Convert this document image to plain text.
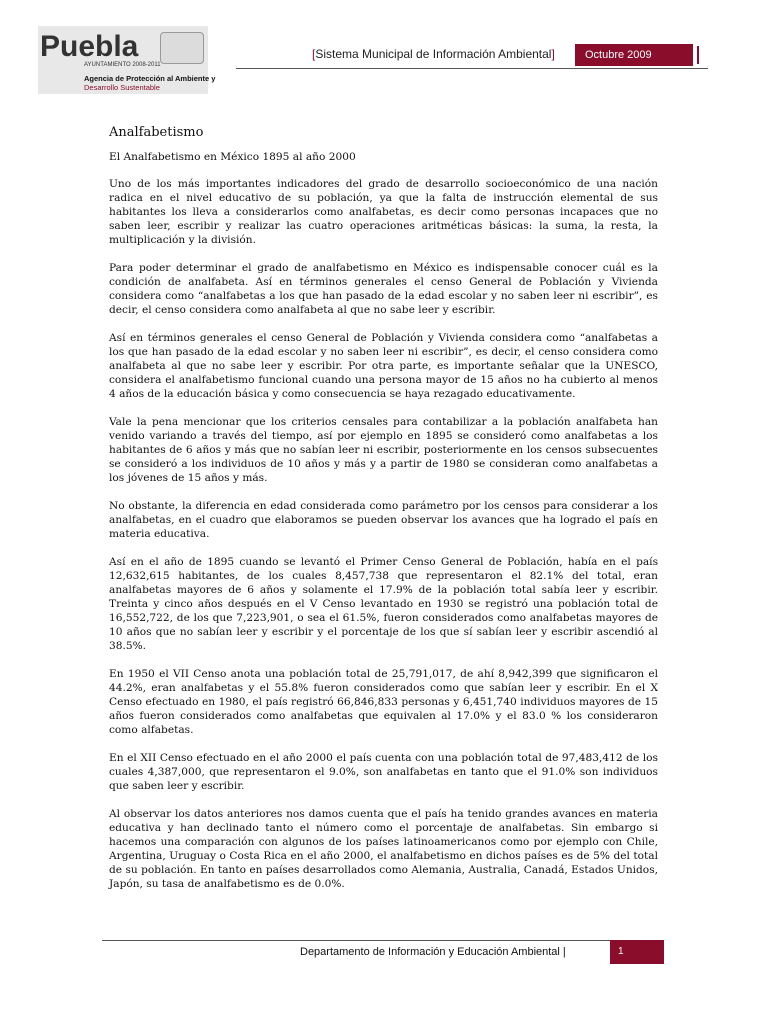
Puebla
AYUNTAMIENTO 2008-2011
Agencia de Protección al Ambiente y
Desarrollo Sustentable
[Sistema Municipal de Información Ambiental]	Octubre 2009
Analfabetismo
El Analfabetismo en México 1895 al año 2000

Uno de los más importantes indicadores del grado de desarrollo socioeconómico de una nación radica en el nivel educativo de su población, ya que la falta de instrucción elemental de sus habitantes los lleva a considerarlos como analfabetas, es decir como personas incapaces que no saben leer, escribir y realizar las cuatro operaciones aritméticas básicas: la suma, la resta, la multiplicación y la división.

Para poder determinar el grado de analfabetismo en México es indispensable conocer cuál es la condición de analfabeta. Así en términos generales el censo General de Población y Vivienda considera como “analfabetas a los que han pasado de la edad escolar y no saben leer ni escribir”, es decir, el censo considera como analfabeta al que no sabe leer y escribir.

Así en términos generales el censo General de Población y Vivienda considera como “analfabetas a los que han pasado de la edad escolar y no saben leer ni escribir”, es decir, el censo considera como analfabeta al que no sabe leer y escribir. Por otra parte, es importante señalar que la UNESCO, considera el analfabetismo funcional cuando una persona mayor de 15 años no ha cubierto al menos 4 años de la educación básica y como consecuencia se haya rezagado educativamente.

Vale la pena mencionar que los criterios censales para contabilizar a la población analfabeta han venido variando a través del tiempo, así por ejemplo en 1895 se consideró como analfabetas a los habitantes de 6 años y más que no sabían leer ni escribir, posteriormente en los censos subsecuentes se consideró a los individuos de 10 años y más y a partir de 1980 se consideran como analfabetas a los jóvenes de 15 años y más.

No obstante, la diferencia en edad considerada como parámetro por los censos para considerar a los analfabetas, en el cuadro que elaboramos se pueden observar los avances que ha logrado el país en materia educativa.

Así en el año de 1895 cuando se levantó el Primer Censo General de Población, había en el país 12,632,615 habitantes, de los cuales 8,457,738 que representaron el 82.1% del total, eran analfabetas mayores de 6 años y solamente el 17.9% de la población total sabía leer y escribir. Treinta y cinco años después en el V Censo levantado en 1930 se registró una población total de 16,552,722, de los que 7,223,901, o sea el 61.5%, fueron considerados como analfabetas mayores de 10 años que no sabían leer y escribir y el porcentaje de los que sí sabían leer y escribir ascendió al 38.5%.

En 1950 el VII Censo anota una población total de 25,791,017, de ahí 8,942,399 que significaron el 44.2%, eran analfabetas y el 55.8% fueron considerados como que sabían leer y escribir. En el X Censo efectuado en 1980, el país registró 66,846,833 personas y 6,451,740 individuos mayores de 15 años fueron considerados como analfabetas que equivalen al 17.0% y el 83.0 % los consideraron como alfabetas.

En el XII Censo efectuado en el año 2000 el país cuenta con una población total de 97,483,412 de los cuales 4,387,000, que representaron el 9.0%, son analfabetas en tanto que el 91.0% son individuos que saben leer y escribir.

Al observar los datos anteriores nos damos cuenta que el país ha tenido grandes avances en materia educativa y han declinado tanto el número como el porcentaje de analfabetas. Sin embargo si hacemos una comparación con algunos de los países latinoamericanos como por ejemplo con Chile, Argentina, Uruguay o Costa Rica en el año 2000, el analfabetismo en dichos países es de 5% del total de su población. En tanto en países desarrollados como Alemania, Australia, Canadá, Estados Unidos, Japón, su tasa de analfabetismo es de 0.0%.

Departamento de Información y Educación Ambiental |	1
